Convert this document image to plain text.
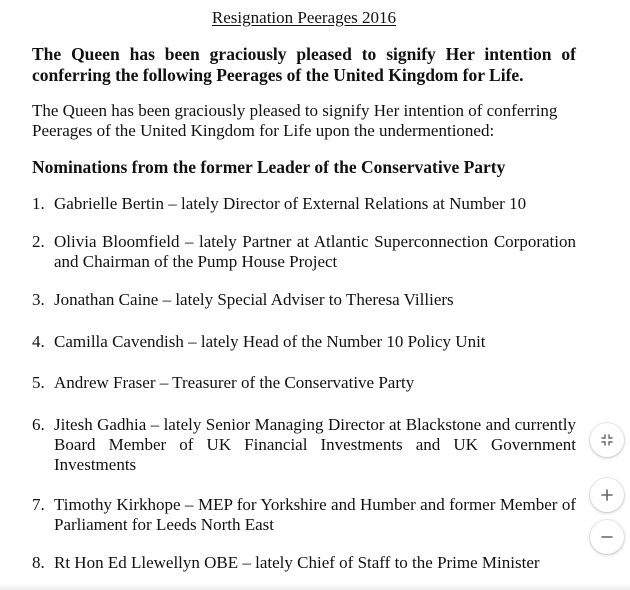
Resignation Peerages 2016
The Queen has been graciously pleased to signify Her intention of conferring the following Peerages of the United Kingdom for Life.
The Queen has been graciously pleased to signify Her intention of conferring Peerages of the United Kingdom for Life upon the undermentioned:
Nominations from the former Leader of the Conservative Party
1. Gabrielle Bertin – lately Director of External Relations at Number 10
2. Olivia Bloomfield – lately Partner at Atlantic Superconnection Corporation and Chairman of the Pump House Project
3. Jonathan Caine – lately Special Adviser to Theresa Villiers
4. Camilla Cavendish – lately Head of the Number 10 Policy Unit
5. Andrew Fraser – Treasurer of the Conservative Party
6. Jitesh Gadhia – lately Senior Managing Director at Blackstone and currently Board Member of UK Financial Investments and UK Government Investments
7. Timothy Kirkhope – MEP for Yorkshire and Humber and former Member of Parliament for Leeds North East
8. Rt Hon Ed Llewellyn OBE – lately Chief of Staff to the Prime Minister
